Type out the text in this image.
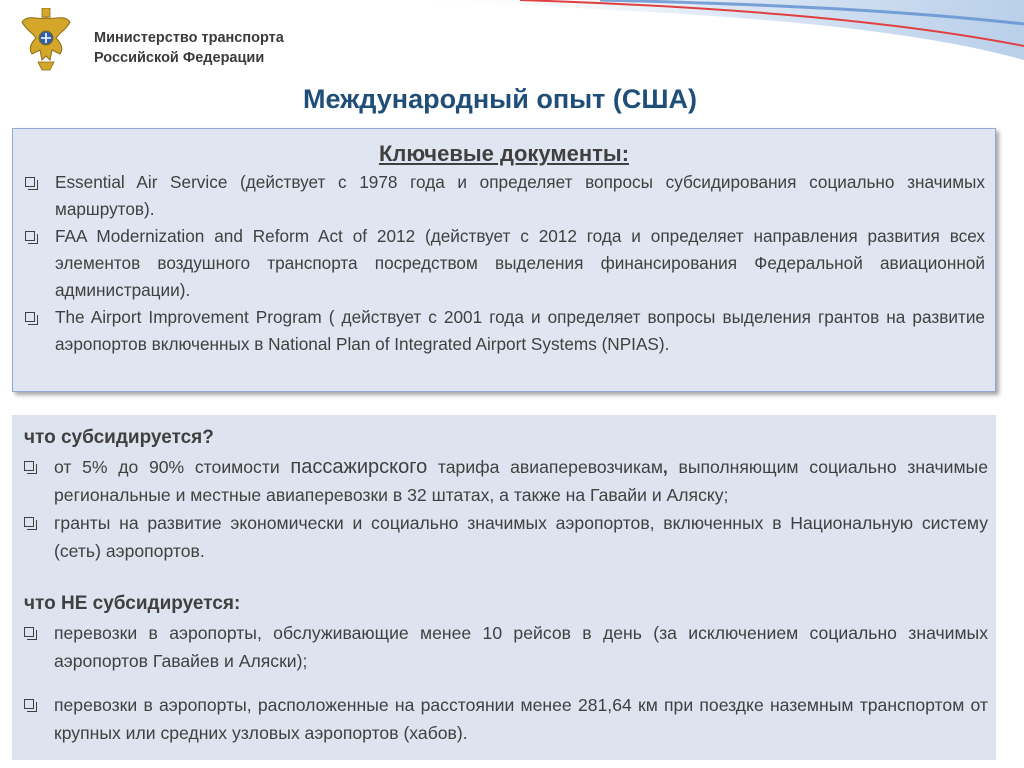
Министерство транспорта
Российской Федерации
Международный опыт (США)
Ключевые документы:
Essential Air Service (действует с 1978 года и определяет вопросы субсидирования социально значимых маршрутов).
FAA Modernization and Reform Act of 2012 (действует с 2012 года и определяет направления развития всех элементов воздушного транспорта посредством выделения финансирования Федеральной авиационной администрации).
The Airport Improvement Program ( действует с 2001 года и определяет вопросы выделения грантов на развитие аэропортов включенных в National Plan of Integrated Airport Systems (NPIAS).
что субсидируется?
от 5% до 90% стоимости пассажирского тарифа авиаперевозчикам, выполняющим социально значимые региональные и местные авиаперевозки в 32 штатах, а также на Гавайи и Аляску;
гранты на развитие экономически и социально значимых аэропортов, включенных в Национальную систему (сеть) аэропортов.
что НЕ субсидируется:
перевозки в аэропорты, обслуживающие менее 10 рейсов в день (за исключением социально значимых аэропортов Гавайев и Аляски);
перевозки в аэропорты, расположенные на расстоянии менее 281,64 км при поездке наземным транспортом от крупных или средних узловых аэропортов (хабов).
